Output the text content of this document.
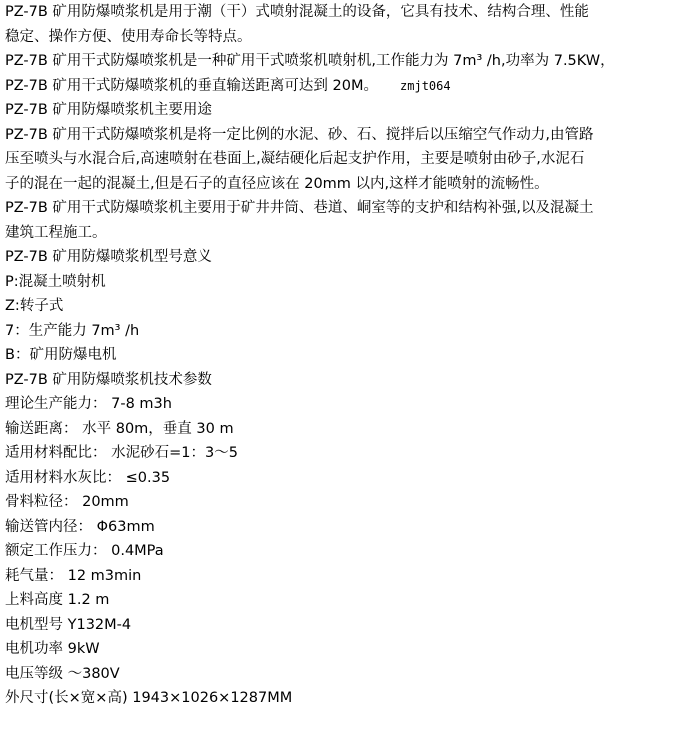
PZ-7B 矿用防爆喷浆机是用于潮（干）式喷射混凝土的设备，它具有技术、结构合理、性能
稳定、操作方便、使用寿命长等特点。
PZ-7B 矿用干式防爆喷浆机是一种矿用干式喷浆机喷射机,工作能力为 7m³ /h,功率为 7.5KW，
PZ-7B 矿用干式防爆喷浆机的垂直输送距离可达到 20M。 zmjt064
PZ-7B 矿用防爆喷浆机主要用途
PZ-7B 矿用干式防爆喷浆机是将一定比例的水泥、砂、石、搅拌后以压缩空气作动力,由管路
压至喷头与水混合后,高速喷射在巷面上,凝结硬化后起支护作用，主要是喷射由砂子,水泥石
子的混在一起的混凝土,但是石子的直径应该在 20mm 以内,这样才能喷射的流畅性。
PZ-7B 矿用干式防爆喷浆机主要用于矿井井筒、巷道、峒室等的支护和结构补强,以及混凝土
建筑工程施工。
PZ-7B 矿用防爆喷浆机型号意义
P:混凝土喷射机
Z:转子式
7：生产能力 7m³ /h
B：矿用防爆电机
PZ-7B 矿用防爆喷浆机技术参数
理论生产能力： 7-8 m3h
输送距离： 水平 80m，垂直 30 m
适用材料配比： 水泥砂石=1：3～5
适用材料水灰比： ≤0.35
骨料粒径： 20mm
输送管内径： Φ63mm
额定工作压力： 0.4MPa
耗气量： 12 m3min
上料高度 1.2 m
电机型号 Y132M-4
电机功率 9kW
电压等级 ～380V
外尺寸(长×宽×高) 1943×1026×1287MM
